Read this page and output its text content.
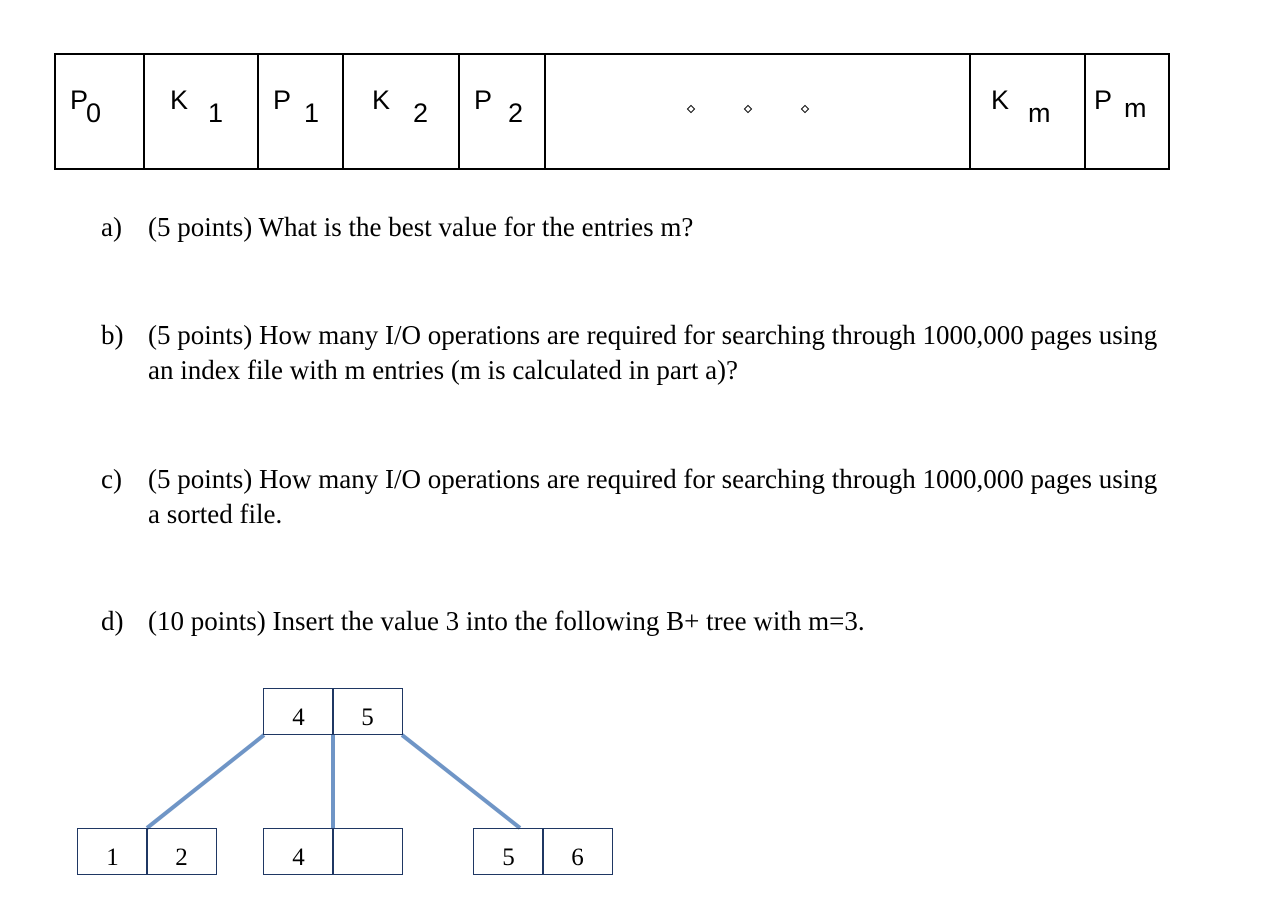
P
0	K 1 P 1 K 2 P 2	K m P m
a) (5 points) What is the best value for the entries m?
b) (5 points) How many I/O operations are required for searching through 1000,000 pages using an index file with m entries (m is calculated in part a)?
c) (5 points) How many I/O operations are required for searching through 1000,000 pages using a sorted file.
d) (10 points) Insert the value 3 into the following B+ tree with m=3.
4	5
1	2	4	5	6
